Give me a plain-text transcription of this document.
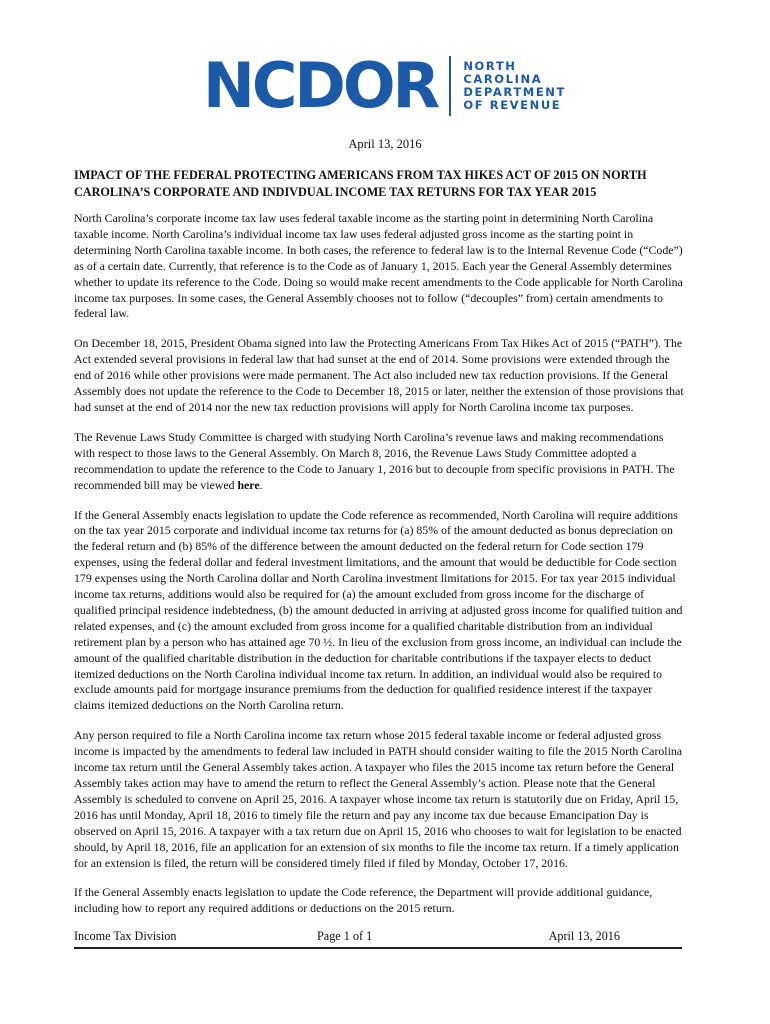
NCDOR NORTH
CAROLINA
DEPARTMENT
OF REVENUE
April 13, 2016
IMPACT OF THE FEDERAL PROTECTING AMERICANS FROM TAX HIKES ACT OF 2015 ON NORTH CAROLINA’S CORPORATE AND INDIVDUAL INCOME TAX RETURNS FOR TAX YEAR 2015

North Carolina’s corporate income tax law uses federal taxable income as the starting point in determining North Carolina taxable income. North Carolina’s individual income tax law uses federal adjusted gross income as the starting point in determining North Carolina taxable income. In both cases, the reference to federal law is to the Internal Revenue Code (“Code”) as of a certain date. Currently, that reference is to the Code as of January 1, 2015. Each year the General Assembly determines whether to update its reference to the Code. Doing so would make recent amendments to the Code applicable for North Carolina income tax purposes. In some cases, the General Assembly chooses not to follow (“decouples” from) certain amendments to federal law.

On December 18, 2015, President Obama signed into law the Protecting Americans From Tax Hikes Act of 2015 (“PATH”). The Act extended several provisions in federal law that had sunset at the end of 2014. Some provisions were extended through the end of 2016 while other provisions were made permanent. The Act also included new tax reduction provisions. If the General Assembly does not update the reference to the Code to December 18, 2015 or later, neither the extension of those provisions that had sunset at the end of 2014 nor the new tax reduction provisions will apply for North Carolina income tax purposes.

The Revenue Laws Study Committee is charged with studying North Carolina’s revenue laws and making recommendations with respect to those laws to the General Assembly. On March 8, 2016, the Revenue Laws Study Committee adopted a recommendation to update the reference to the Code to January 1, 2016 but to decouple from specific provisions in PATH. The recommended bill may be viewed here.

If the General Assembly enacts legislation to update the Code reference as recommended, North Carolina will require additions on the tax year 2015 corporate and individual income tax returns for (a) 85% of the amount deducted as bonus depreciation on the federal return and (b) 85% of the difference between the amount deducted on the federal return for Code section 179 expenses, using the federal dollar and federal investment limitations, and the amount that would be deductible for Code section 179 expenses using the North Carolina dollar and North Carolina investment limitations for 2015. For tax year 2015 individual income tax returns, additions would also be required for (a) the amount excluded from gross income for the discharge of qualified principal residence indebtedness, (b) the amount deducted in arriving at adjusted gross income for qualified tuition and related expenses, and (c) the amount excluded from gross income for a qualified charitable distribution from an individual retirement plan by a person who has attained age 70 ½. In lieu of the exclusion from gross income, an individual can include the amount of the qualified charitable distribution in the deduction for charitable contributions if the taxpayer elects to deduct itemized deductions on the North Carolina individual income tax return. In addition, an individual would also be required to exclude amounts paid for mortgage insurance premiums from the deduction for qualified residence interest if the taxpayer claims itemized deductions on the North Carolina return.

Any person required to file a North Carolina income tax return whose 2015 federal taxable income or federal adjusted gross income is impacted by the amendments to federal law included in PATH should consider waiting to file the 2015 North Carolina income tax return until the General Assembly takes action. A taxpayer who files the 2015 income tax return before the General Assembly takes action may have to amend the return to reflect the General Assembly’s action. Please note that the General Assembly is scheduled to convene on April 25, 2016. A taxpayer whose income tax return is statutorily due on Friday, April 15, 2016 has until Monday, April 18, 2016 to timely file the return and pay any income tax due because Emancipation Day is observed on April 15, 2016. A taxpayer with a tax return due on April 15, 2016 who chooses to wait for legislation to be enacted should, by April 18, 2016, file an application for an extension of six months to file the income tax return. If a timely application for an extension is filed, the return will be considered timely filed if filed by Monday, October 17, 2016.

If the General Assembly enacts legislation to update the Code reference, the Department will provide additional guidance, including how to report any required additions or deductions on the 2015 return.

Income Tax Division	Page 1 of 1	April 13, 2016
